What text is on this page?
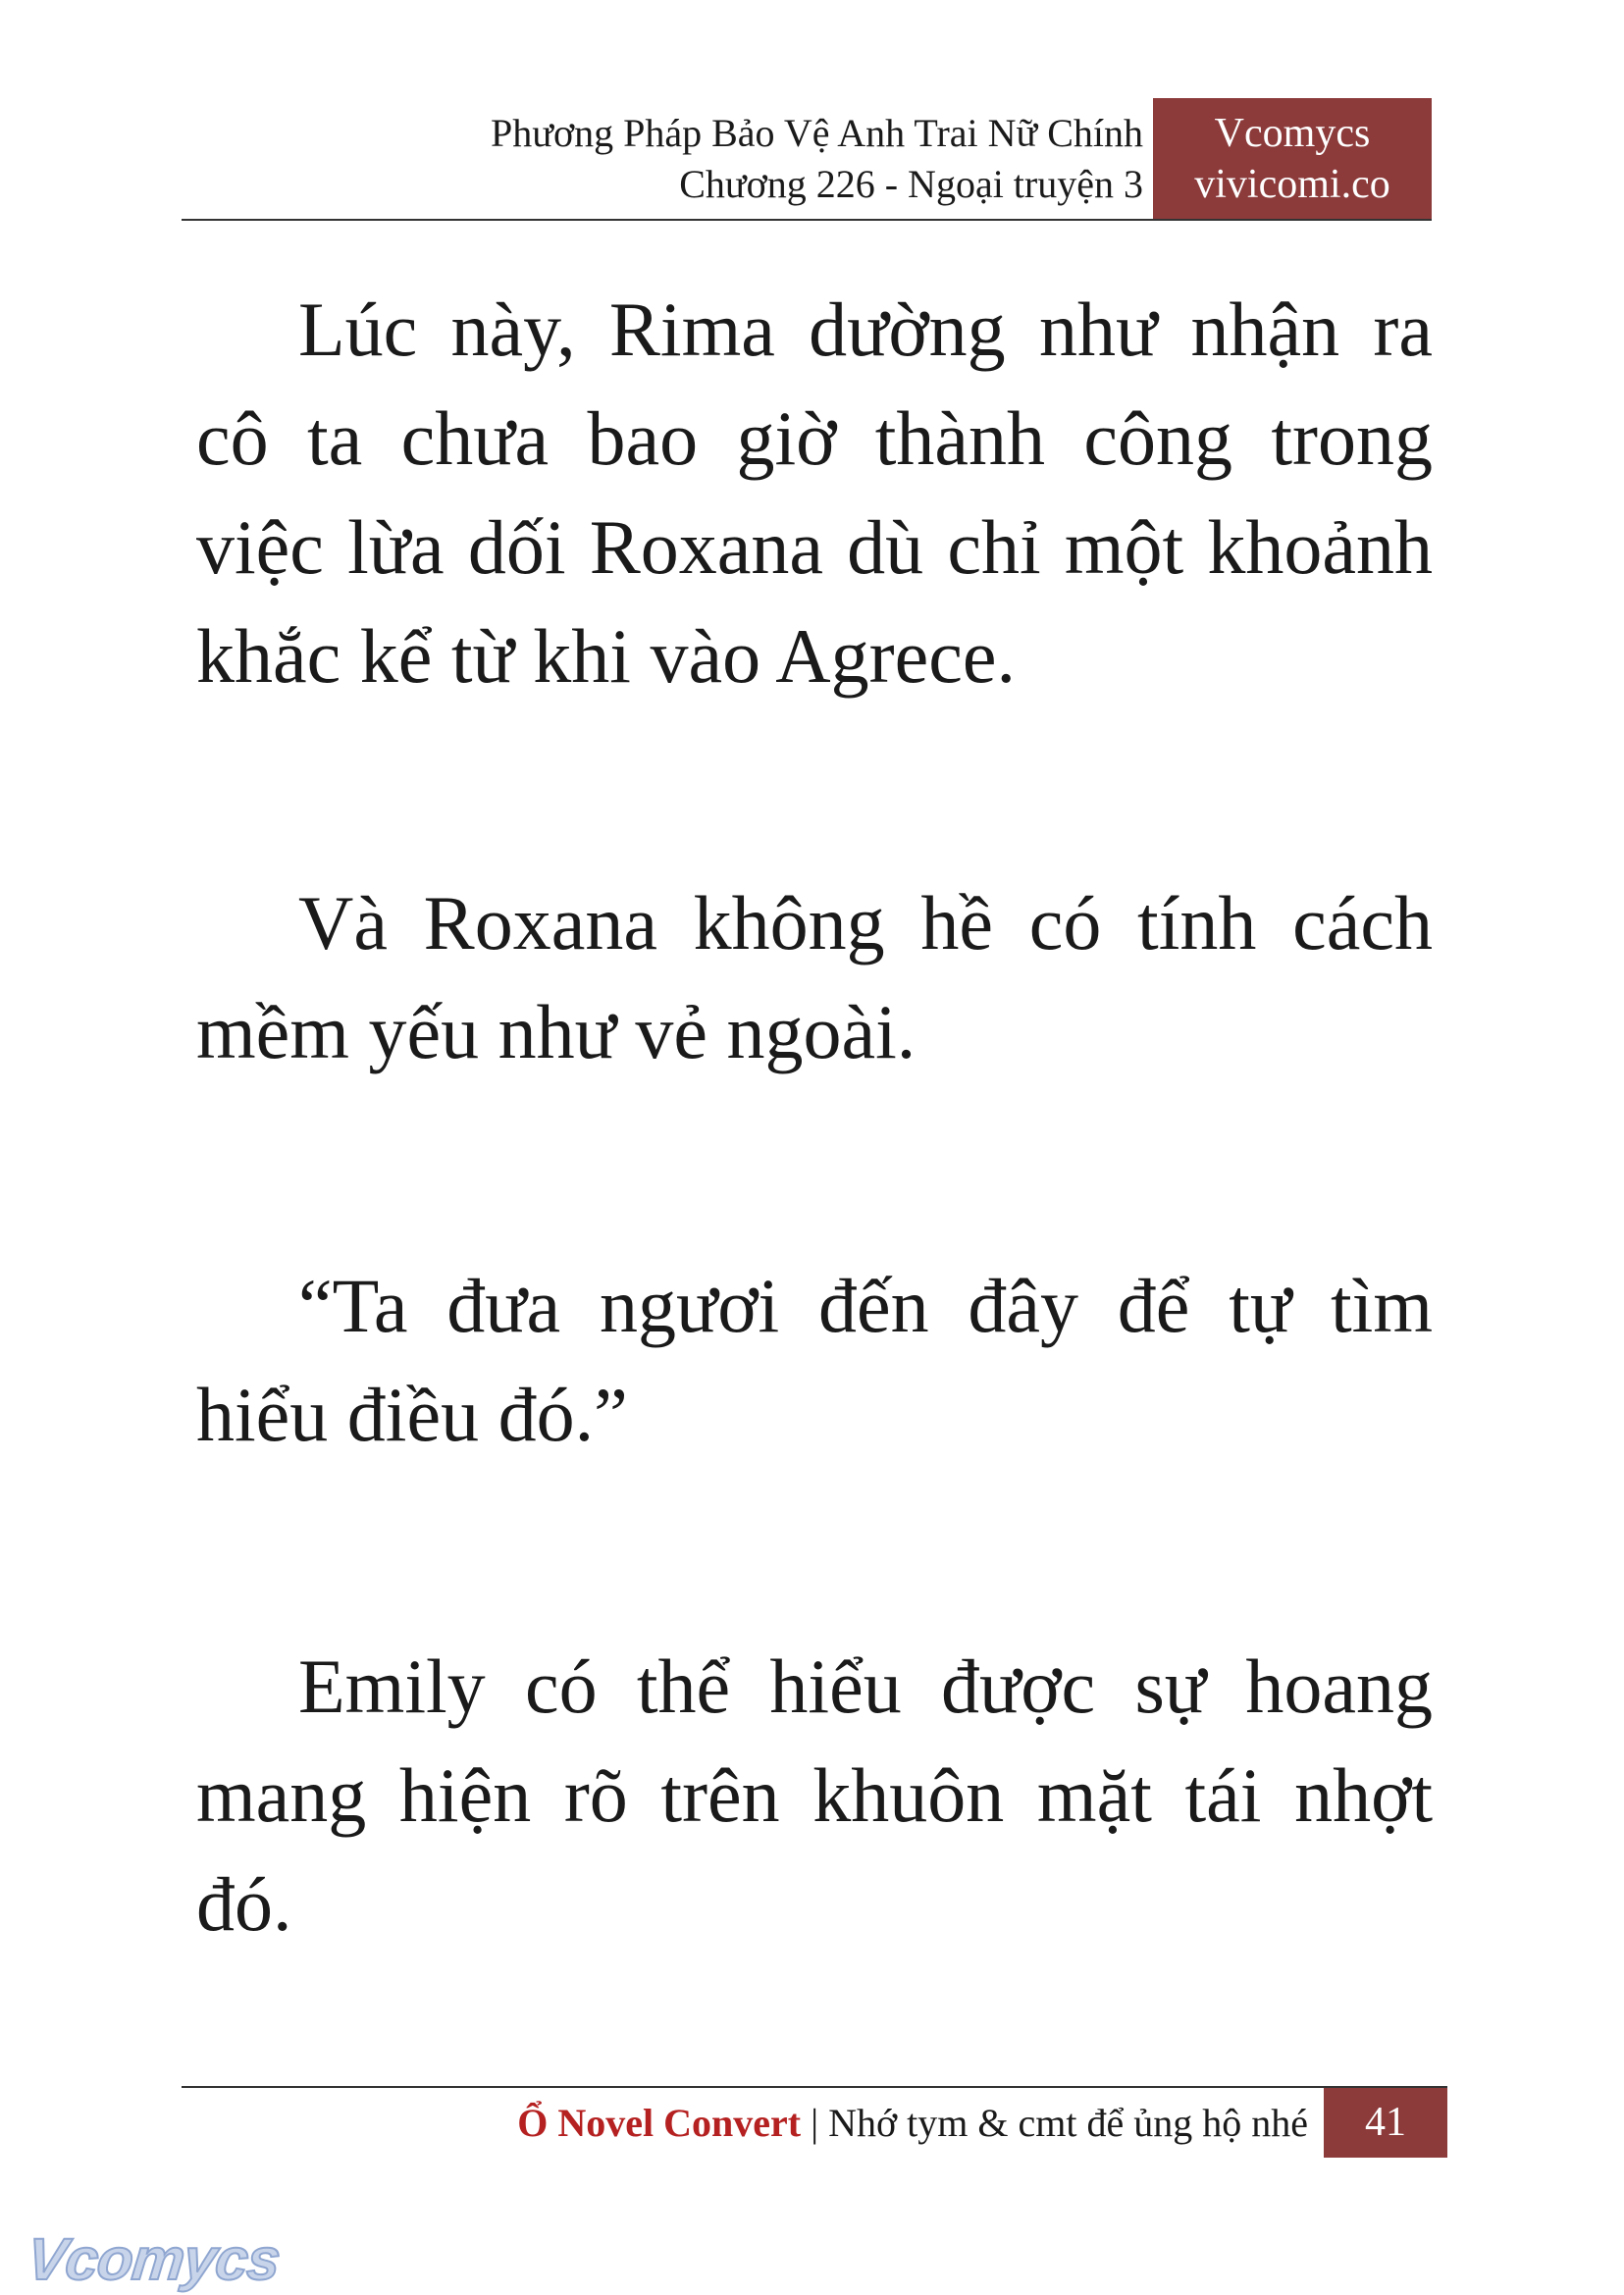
Phương Pháp Bảo Vệ Anh Trai Nữ Chính
Chương 226 - Ngoại truyện 3
Vcomycs
vivicomi.co

Lúc này, Rima dường như nhận ra cô ta chưa bao giờ thành công trong việc lừa dối Roxana dù chỉ một khoảnh khắc kể từ khi vào Agrece.

Và Roxana không hề có tính cách mềm yếu như vẻ ngoài.

“Ta đưa ngươi đến đây để tự tìm hiểu điều đó.”

Emily có thể hiểu được sự hoang mang hiện rõ trên khuôn mặt tái nhợt đó.

Ổ Novel Convert | Nhớ tym & cmt để ủng hộ nhé	41
Vcomycs
